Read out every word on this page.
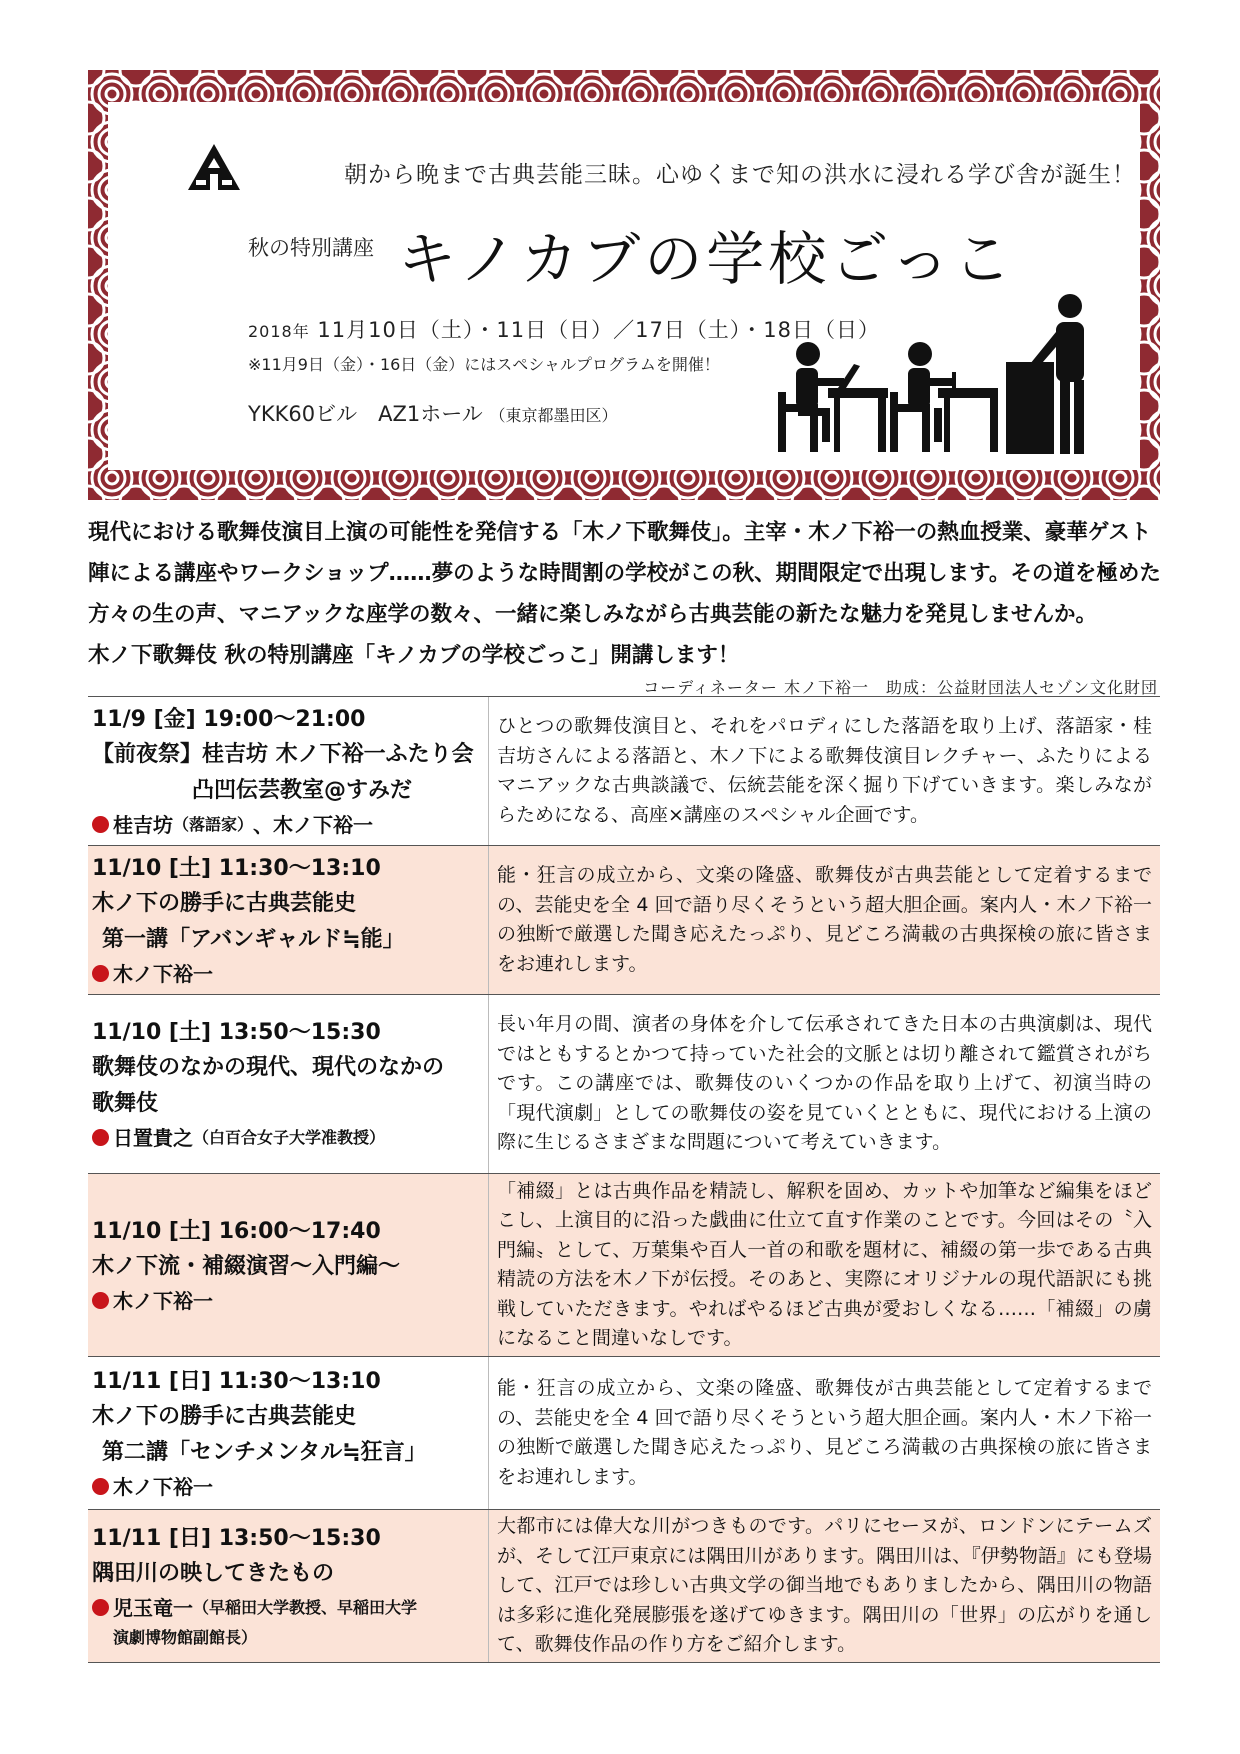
朝から晩まで古典芸能三昧。心ゆくまで知の洪水に浸れる学び舎が誕生！
秋の特別講座 キノカブの学校ごっこ
2018年 11月10日（土）・11日（日）／17日（土）・18日（日）
※11月9日（金）・16日（金）にはスペシャルプログラムを開催！
YKK60ビル　AZ1ホール （東京都墨田区）

現代における歌舞伎演目上演の可能性を発信する「木ノ下歌舞伎」。主宰・木ノ下裕一の熱血授業、豪華ゲスト

陣による講座やワークショップ……夢のような時間割の学校がこの秋、期間限定で出現します。その道を極めた

方々の生の声、マニアックな座学の数々、一緒に楽しみながら古典芸能の新たな魅力を発見しませんか。

木ノ下歌舞伎 秋の特別講座「キノカブの学校ごっこ」開講します！

コーディネーター 木ノ下裕一　助成：公益財団法人セゾン文化財団
11/9 [金] 19:00〜21:00
【前夜祭】桂吉坊 木ノ下裕一ふたり会
凸凹伝芸教室@すみだ
桂吉坊 （落語家） 、木ノ下裕一
ひとつの歌舞伎演目と、それをパロディにした落語を取り上げ、落語家・桂吉坊さんによる落語と、木ノ下による歌舞伎演目レクチャー、ふたりによるマニアックな古典談議で、伝統芸能を深く掘り下げていきます。楽しみながらためになる、高座×講座のスペシャル企画です。
11/10 [土] 11:30〜13:10
木ノ下の勝手に古典芸能史
第一講「アバンギャルド≒能」
木ノ下裕一
能・狂言の成立から、文楽の隆盛、歌舞伎が古典芸能として定着するまでの、芸能史を全 4 回で語り尽くそうという超大胆企画。案内人・木ノ下裕一の独断で厳選した聞き応えたっぷり、見どころ満載の古典探検の旅に皆さまをお連れします。
11/10 [土] 13:50〜15:30
歌舞伎のなかの現代、現代のなかの
歌舞伎
日置貴之 （白百合女子大学准教授）
長い年月の間、演者の身体を介して伝承されてきた日本の古典演劇は、現代ではともするとかつて持っていた社会的文脈とは切り離されて鑑賞されがちです。この講座では、歌舞伎のいくつかの作品を取り上げて、初演当時の「現代演劇」としての歌舞伎の姿を見ていくとともに、現代における上演の際に生じるさまざまな問題について考えていきます。
11/10 [土] 16:00〜17:40
木ノ下流・補綴演習〜入門編〜
木ノ下裕一
「補綴」とは古典作品を精読し、解釈を固め、カットや加筆など編集をほどこし、上演目的に沿った戯曲に仕立て直す作業のことです。今回はその〝入門編〟として、万葉集や百人一首の和歌を題材に、補綴の第一歩である古典精読の方法を木ノ下が伝授。そのあと、実際にオリジナルの現代語訳にも挑戦していただきます。やればやるほど古典が愛おしくなる……「補綴」の虜になること間違いなしです。
11/11 [日] 11:30〜13:10
木ノ下の勝手に古典芸能史
第二講「センチメンタル≒狂言」
木ノ下裕一
能・狂言の成立から、文楽の隆盛、歌舞伎が古典芸能として定着するまでの、芸能史を全 4 回で語り尽くそうという超大胆企画。案内人・木ノ下裕一の独断で厳選した聞き応えたっぷり、見どころ満載の古典探検の旅に皆さまをお連れします。
11/11 [日] 13:50〜15:30
隅田川の映してきたもの
児玉竜一 （早稲田大学教授、早稲田大学
演劇博物館副館長）
大都市には偉大な川がつきものです。パリにセーヌが、ロンドンにテームズが、そして江戸東京には隅田川があります。隅田川は、『伊勢物語』にも登場して、江戸では珍しい古典文学の御当地でもありましたから、隅田川の物語は多彩に進化発展膨張を遂げてゆきます。隅田川の「世界」の広がりを通して、歌舞伎作品の作り方をご紹介します。
